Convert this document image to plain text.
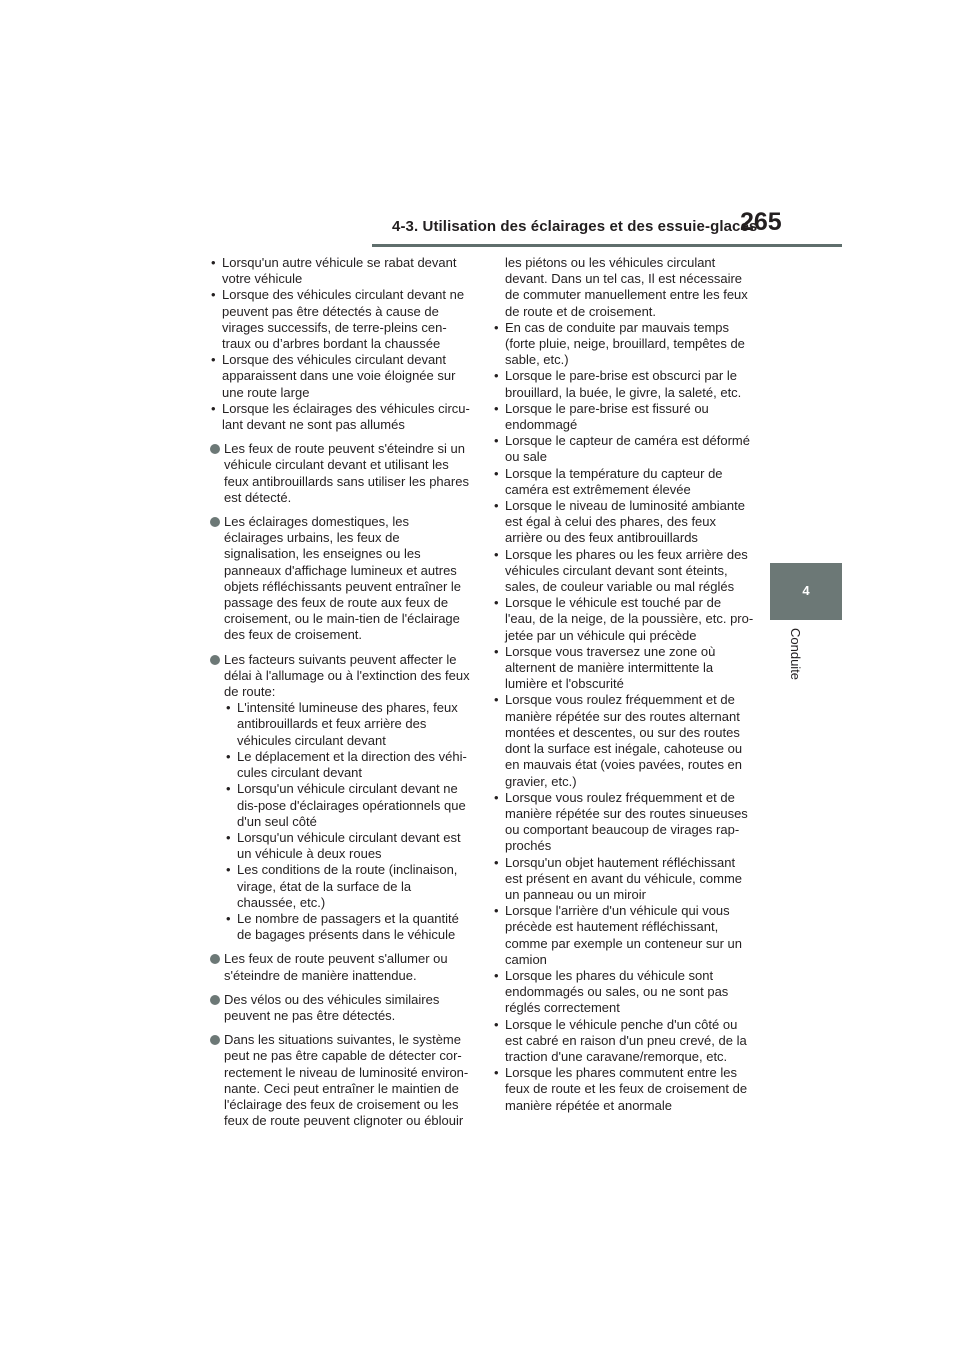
4-3. Utilisation des éclairages et des essuie-glaces
265
4
Conduite
• Lorsqu'un autre véhicule se rabat devant votre véhicule
• Lorsque des véhicules circulant devant ne peuvent pas être détectés à cause de virages successifs, de terre-pleins cen-traux ou d’arbres bordant la chaussée
• Lorsque des véhicules circulant devant apparaissent dans une voie éloignée sur une route large
• Lorsque les éclairages des véhicules circu-lant devant ne sont pas allumés
Les feux de route peuvent s'éteindre si un véhicule circulant devant et utilisant les feux antibrouillards sans utiliser les phares est détecté.
Les éclairages domestiques, les éclairages urbains, les feux de signalisation, les enseignes ou les panneaux d'affichage lumineux et autres objets réfléchissants peuvent entraîner le passage des feux de route aux feux de croisement, ou le main-tien de l'éclairage des feux de croisement.
Les facteurs suivants peuvent affecter le délai à l'allumage ou à l'extinction des feux de route:
• L'intensité lumineuse des phares, feux antibrouillards et feux arrière des véhicules circulant devant
• Le déplacement et la direction des véhi-cules circulant devant
• Lorsqu'un véhicule circulant devant ne dis-pose d'éclairages opérationnels que d'un seul côté
• Lorsqu'un véhicule circulant devant est un véhicule à deux roues
• Les conditions de la route (inclinaison, virage, état de la surface de la chaussée, etc.)
• Le nombre de passagers et la quantité de bagages présents dans le véhicule
Les feux de route peuvent s'allumer ou s'éteindre de manière inattendue.
Des vélos ou des véhicules similaires peuvent ne pas être détectés.
Dans les situations suivantes, le système peut ne pas être capable de détecter cor-rectement le niveau de luminosité environ-nante. Ceci peut entraîner le maintien de l'éclairage des feux de croisement ou les feux de route peuvent clignoter ou éblouir
les piétons ou les véhicules circulant devant. Dans un tel cas, Il est nécessaire de commuter manuellement entre les feux de route et de croisement.
• En cas de conduite par mauvais temps (forte pluie, neige, brouillard, tempêtes de sable, etc.)
• Lorsque le pare-brise est obscurci par le brouillard, la buée, le givre, la saleté, etc.
• Lorsque le pare-brise est fissuré ou endommagé
• Lorsque le capteur de caméra est déformé ou sale
• Lorsque la température du capteur de caméra est extrêmement élevée
• Lorsque le niveau de luminosité ambiante est égal à celui des phares, des feux arrière ou des feux antibrouillards
• Lorsque les phares ou les feux arrière des véhicules circulant devant sont éteints, sales, de couleur variable ou mal réglés
• Lorsque le véhicule est touché par de l'eau, de la neige, de la poussière, etc. pro-jetée par un véhicule qui précède
• Lorsque vous traversez une zone où alternent de manière intermittente la lumière et l'obscurité
• Lorsque vous roulez fréquemment et de manière répétée sur des routes alternant montées et descentes, ou sur des routes dont la surface est inégale, cahoteuse ou en mauvais état (voies pavées, routes en gravier, etc.)
• Lorsque vous roulez fréquemment et de manière répétée sur des routes sinueuses ou comportant beaucoup de virages rap-prochés
• Lorsqu'un objet hautement réfléchissant est présent en avant du véhicule, comme un panneau ou un miroir
• Lorsque l'arrière d'un véhicule qui vous précède est hautement réfléchissant, comme par exemple un conteneur sur un camion
• Lorsque les phares du véhicule sont endommagés ou sales, ou ne sont pas réglés correctement
• Lorsque le véhicule penche d'un côté ou est cabré en raison d'un pneu crevé, de la traction d'une caravane/remorque, etc.
• Lorsque les phares commutent entre les feux de route et les feux de croisement de manière répétée et anormale
